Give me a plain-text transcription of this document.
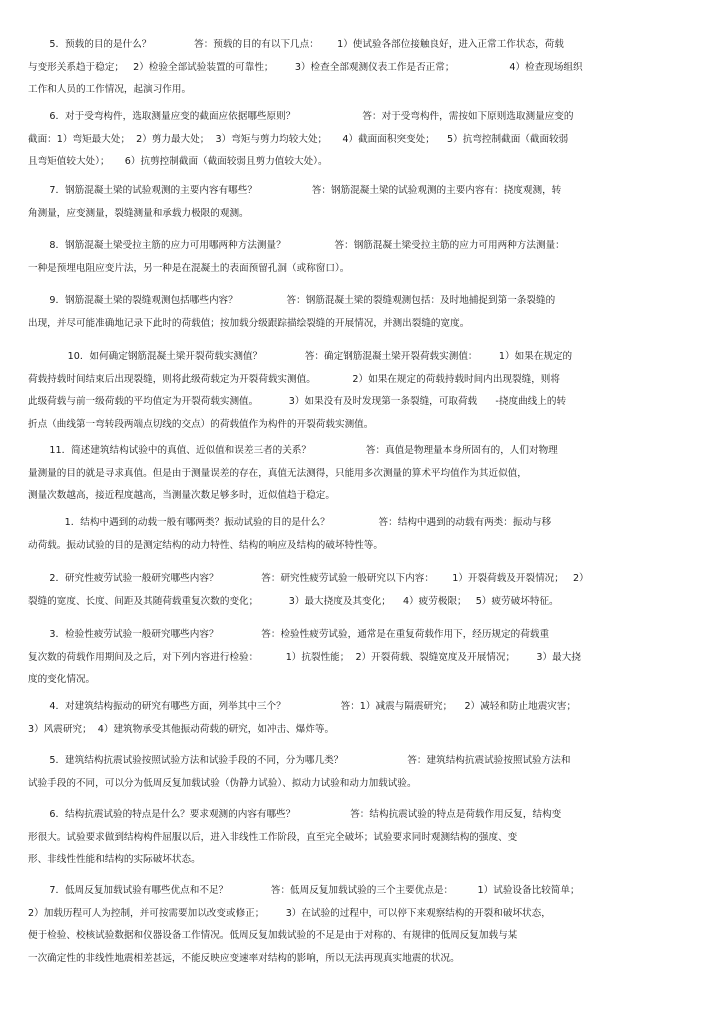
5．预载的目的是什么？              答：预载的目的有以下几点：      1）使试验各部位接触良好，进入正常工作状态，荷载
与变形关系趋于稳定；   2）检验全部试验装置的可靠性；       3）检查全部观测仪表工作是否正常；                  4）检查现场组织
工作和人员的工作情况，起演习作用。
6．对于受弯构件，选取测量应变的截面应依据哪些原则？                      答：对于受弯构件，需按如下原则选取测量应变的
截面：1）弯矩最大处；  2）剪力最大处；  3）弯矩与剪力均较大处；     4）截面面积突变处；    5）抗弯控制截面（截面较弱
且弯矩值较大处）；     6）抗剪控制截面（截面较弱且剪力值较大处）。
7．钢筋混凝土梁的试验观测的主要内容有哪些？                  答：钢筋混凝土梁的试验观测的主要内容有：挠度观测，转
角测量，应变测量，裂缝测量和承载力极限的观测。
8．钢筋混凝土梁受拉主筋的应力可用哪两种方法测量？                答：钢筋混凝土梁受拉主筋的应力可用两种方法测量：
一种是预埋电阻应变片法，另一种是在混凝土的表面预留孔洞（或称窗口）。
9．钢筋混凝土梁的裂缝观测包括哪些内容？                答：钢筋混凝土梁的裂缝观测包括：及时地捕捉到第一条裂缝的
出现，并尽可能准确地记录下此时的荷载值；按加载分级跟踪描绘裂缝的开展情况，并测出裂缝的宽度。
10．如何确定钢筋混凝土梁开裂荷载实测值？              答：确定钢筋混凝土梁开裂荷载实测值：       1）如果在规定的
荷载持载时间结束后出现裂缝，则将此级荷载定为开裂荷载实测值。            2）如果在规定的荷载持载时间内出现裂缝，则将
此级荷载与前一级荷载的平均值定为开裂荷载实测值。          3）如果没有及时发现第一条裂缝，可取荷载      -挠度曲线上的转
折点（曲线第一弯转段两端点切线的交点）的荷载值作为构件的开裂荷载实测值。
11．简述建筑结构试验中的真值、近似值和误差三者的关系？                  答：真值是物理量本身所固有的，人们对物理
量测量的目的就是寻求真值。但是由于测量误差的存在，真值无法测得，只能用多次测量的算术平均值作为其近似值，
测量次数越高，接近程度越高，当测量次数足够多时，近似值趋于稳定。
1．结构中遇到的动载一般有哪两类？振动试验的目的是什么？                答：结构中遇到的动载有两类：振动与移
动荷载。振动试验的目的是测定结构的动力特性、结构的响应及结构的破坏特性等。
2．研究性疲劳试验一般研究哪些内容？              答：研究性疲劳试验一般研究以下内容：      1）开裂荷载及开裂情况；   2）
裂缝的宽度、长度、间距及其随荷载重复次数的变化；          3）最大挠度及其变化；    4）疲劳极限；   5）疲劳破坏特征。
3．检验性疲劳试验一般研究哪些内容？              答：检验性疲劳试验，通常是在重复荷载作用下，经历规定的荷载重
复次数的荷载作用期间及之后，对下列内容进行检验：         1）抗裂性能；  2）开裂荷载、裂缝宽度及开展情况；       3）最大挠
度的变化情况。
4．对建筑结构振动的研究有哪些方面，列举其中三个？                  答：1）减震与隔震研究；    2）减轻和防止地震灾害；
3）风震研究；  4）建筑物承受其他振动荷载的研究，如冲击、爆炸等。
5．建筑结构抗震试验按照试验方法和试验手段的不同，分为哪几类？                     答：建筑结构抗震试验按照试验方法和
试验手段的不同，可以分为低周反复加载试验（伪静力试验）、拟动力试验和动力加载试验。
6．结构抗震试验的特点是什么？要求观测的内容有哪些？                  答：结构抗震试验的特点是荷载作用反复，结构变
形很大。试验要求做到结构构件屈服以后，进入非线性工作阶段，直至完全破坏；试验要求同时观测结构的强度、变
形、非线性性能和结构的实际破坏状态。
7．低周反复加载试验有哪些优点和不足？              答：低周反复加载试验的三个主要优点是：        1）试验设备比较简单；
2）加载历程可人为控制，并可按需要加以改变或修正；       3）在试验的过程中，可以停下来观察结构的开裂和破坏状态，
便于检验、校核试验数据和仪器设备工作情况。低周反复加载试验的不足是由于对称的、有规律的低周反复加载与某
一次确定性的非线性地震相差甚远，不能反映应变速率对结构的影响，所以无法再现真实地震的状况。
